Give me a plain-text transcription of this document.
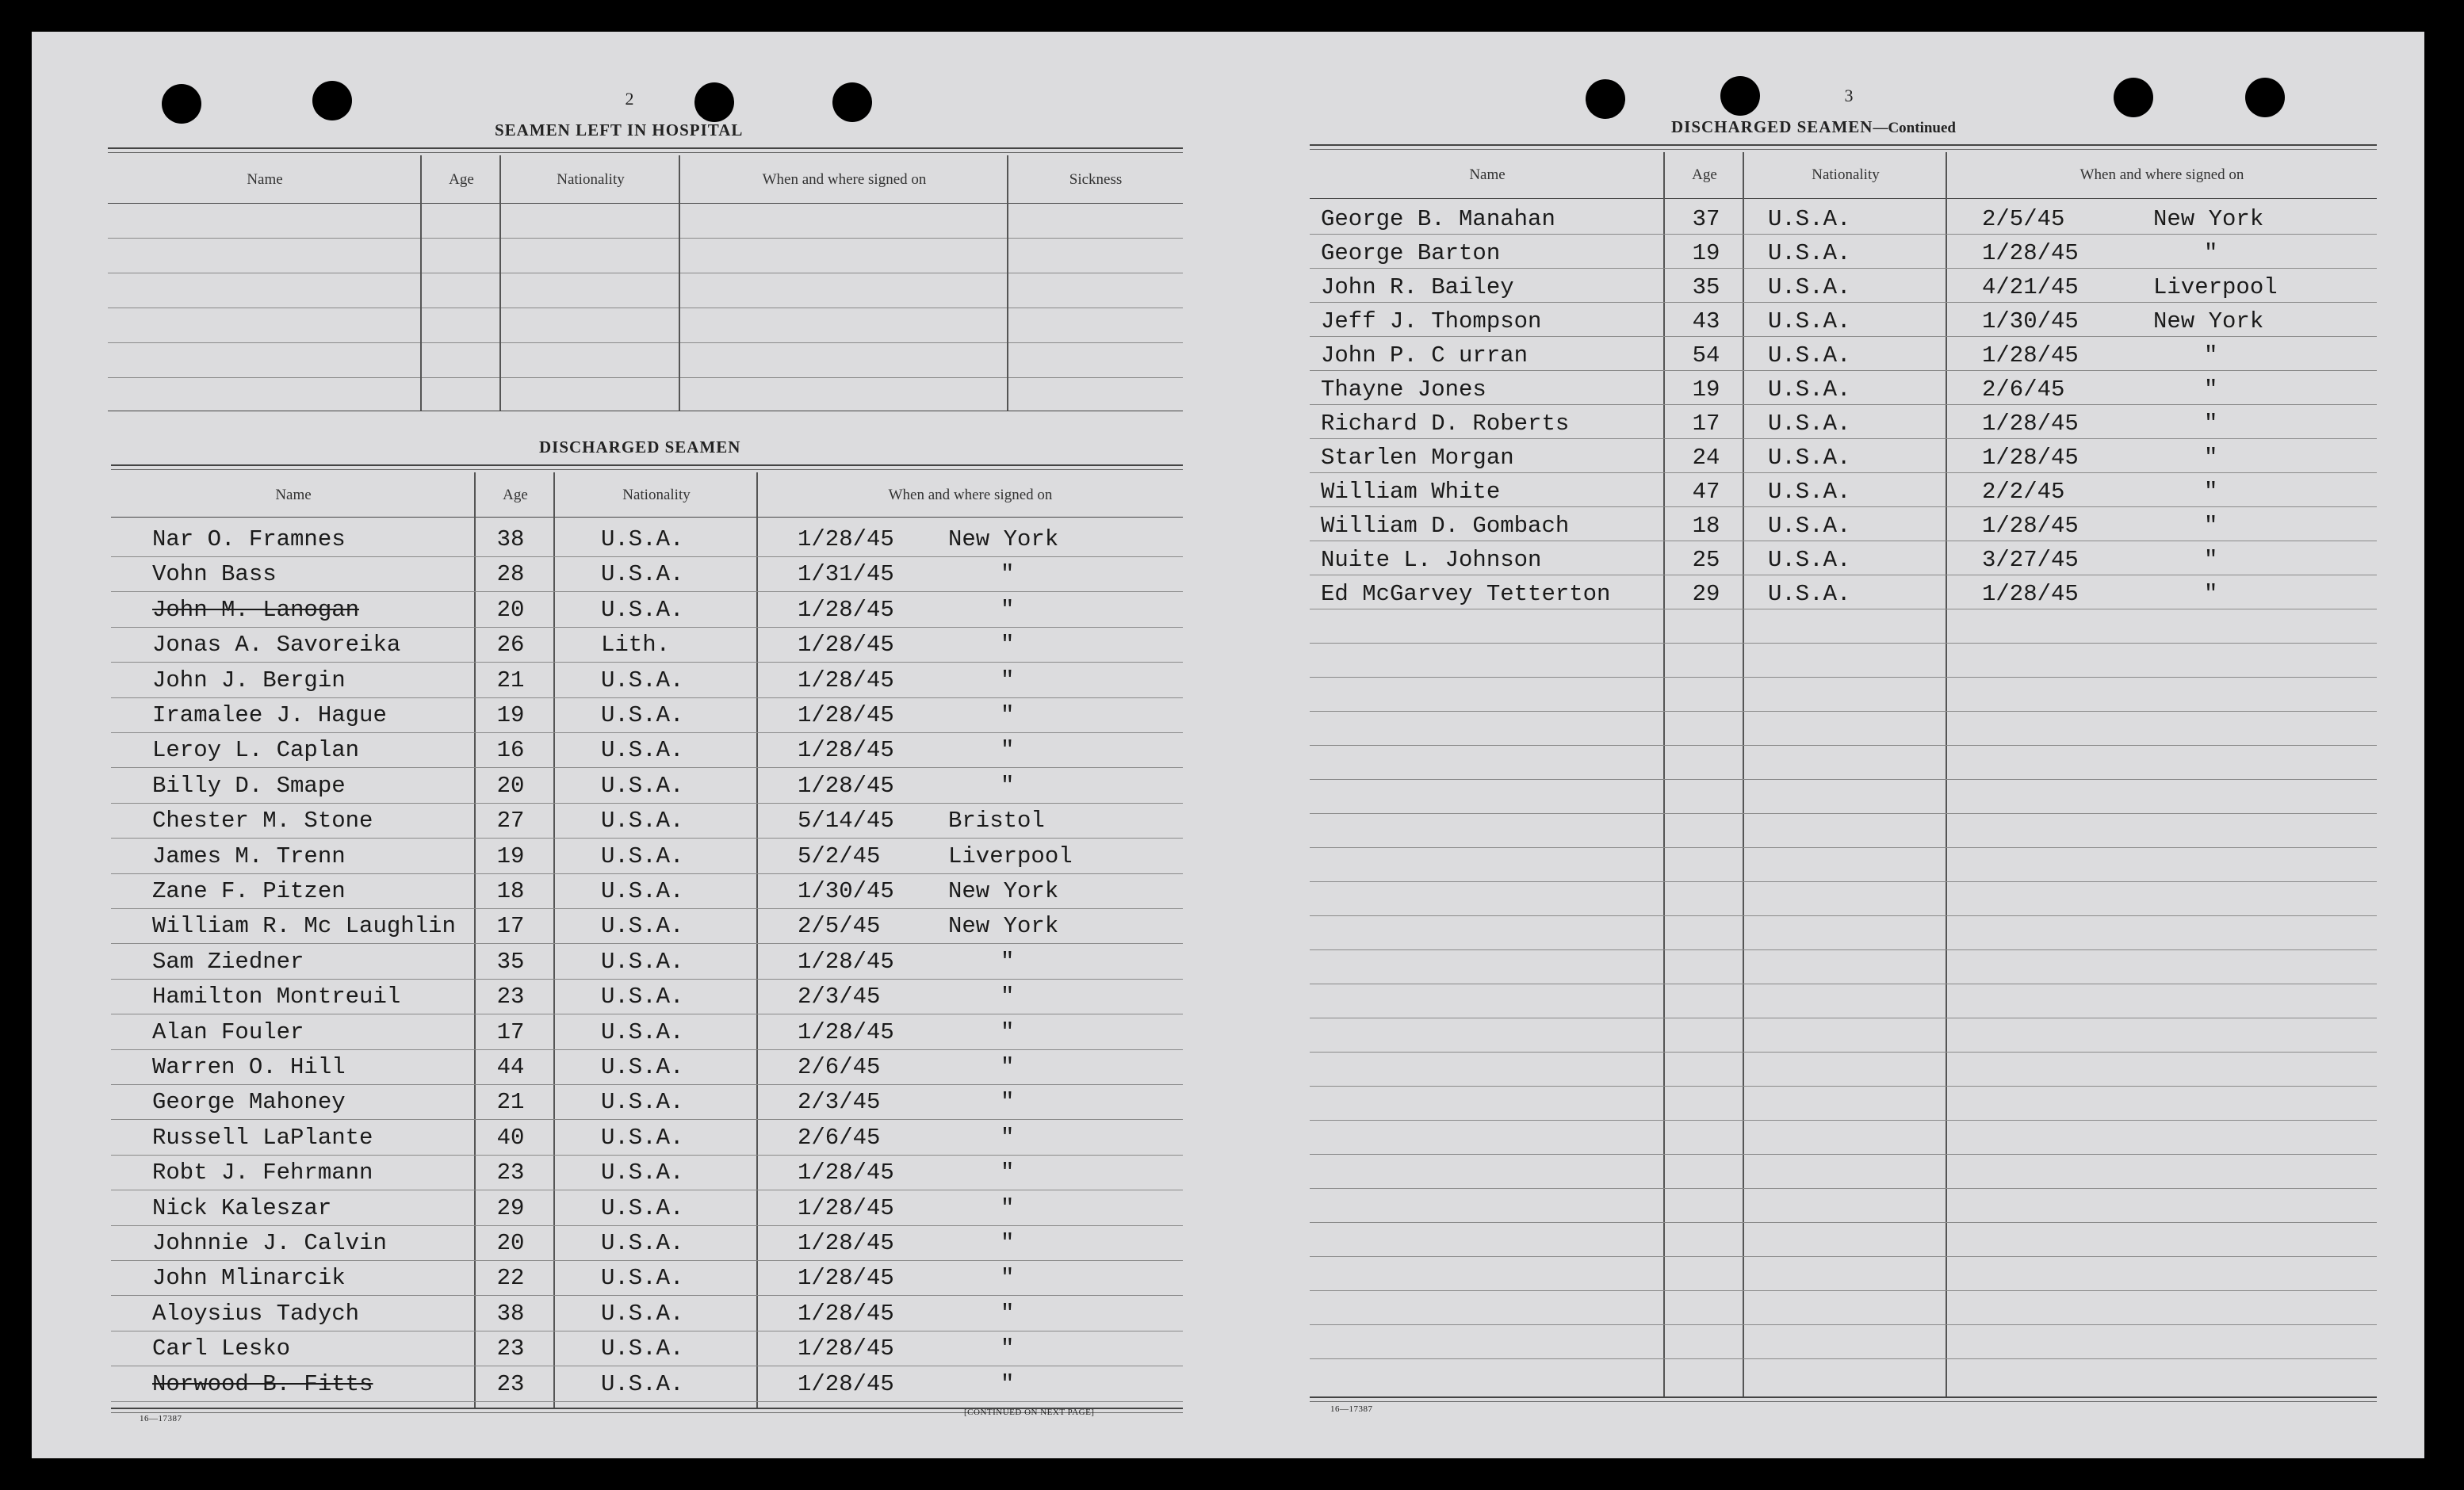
2
SEAMEN LEFT IN HOSPITAL
Name	Age	Nationality	When and where signed on	Sickness
DISCHARGED SEAMEN
Name	Age	Nationality	When and where signed on
Nar O. Framnes	38	U.S.A.	1/28/45 New York
Vohn Bass	28	U.S.A.	1/31/45	"
John M. Lanogan	20	U.S.A.	1/28/45	"
Jonas A. Savoreika	26	Lith.	1/28/45	"
John J. Bergin	21	U.S.A.	1/28/45	"
Iramalee J. Hague	19	U.S.A.	1/28/45	"
Leroy L. Caplan	16	U.S.A.	1/28/45	"
Billy D. Smape	20	U.S.A.	1/28/45	"
Chester M. Stone	27	U.S.A.	5/14/45 Bristol
James M. Trenn	19	U.S.A.	5/2/45	Liverpool
Zane F. Pitzen	18	U.S.A.	1/30/45 New York
William R. Mc Laughlin 17	U.S.A.	2/5/45	New York
Sam Ziedner	35	U.S.A.	1/28/45	"
Hamilton Montreuil	23	U.S.A.	2/3/45	"
Alan Fouler	17	U.S.A.	1/28/45	"
Warren O. Hill	44	U.S.A.	2/6/45	"
George Mahoney	21	U.S.A.	2/3/45	"
Russell LaPlante	40	U.S.A.	2/6/45	"
Robt J. Fehrmann	23	U.S.A.	1/28/45	"
Nick Kaleszar	29	U.S.A.	1/28/45	"
Johnnie J. Calvin	20	U.S.A.	1/28/45	"
John Mlinarcik	22	U.S.A.	1/28/45	"
Aloysius Tadych	38	U.S.A.	1/28/45	"
Carl Lesko	23	U.S.A.	1/28/45	"
Norwood B. Fitts	23	U.S.A.	1/28/45	"
16—17387
[CONTINUED ON NEXT PAGE]
3
DISCHARGED SEAMEN—Continued
Name	Age	Nationality	When and where signed on
George B. Manahan	37 U.S.A.	2/5/45	New York
George Barton	19 U.S.A.	1/28/45	"
John R. Bailey	35 U.S.A.	4/21/45	Liverpool
Jeff J. Thompson	43 U.S.A.	1/30/45	New York
John P. C urran	54 U.S.A.	1/28/45	"
Thayne Jones	19 U.S.A.	2/6/45	"
Richard D. Roberts	17 U.S.A.	1/28/45	"
Starlen Morgan	24 U.S.A.	1/28/45	"
William White	47 U.S.A.	2/2/45	"
William D. Gombach	18 U.S.A.	1/28/45	"
Nuite L. Johnson	25 U.S.A.	3/27/45	"
Ed McGarvey Tetterton	29 U.S.A.	1/28/45	"
16—17387
